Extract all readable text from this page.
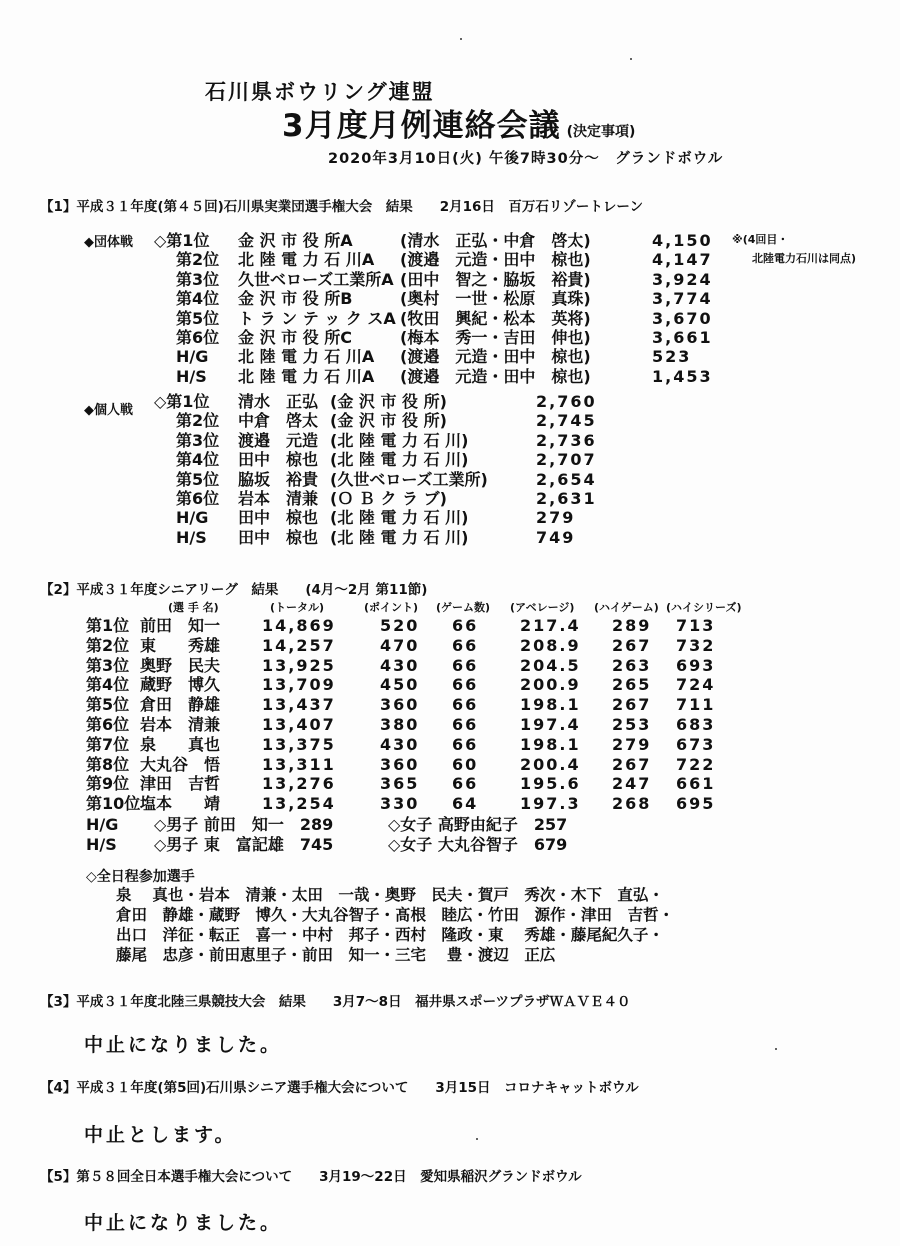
石川県ボウリング連盟
3月度月例連絡会議 (決定事項)
2020年3月10日(火) 午後7時30分～　グランドボウル
【1】平成３１年度(第４５回)石川県実業団選手権大会　結果　　2月16日　百万石リゾートレーン
◆団体戦 ◇第1位 金 沢 市 役 所A	(清水　正弘・中倉　啓太)	4,150
第2位 北 陸 電 力 石 川A (渡邉　元造・田中　椋也)	4,147
第3位 久世ベローズ工業所A (田中　智之・脇坂　裕貴)	3,924
第4位 金 沢 市 役 所B	(奥村　一世・松原　真珠)	3,774
第5位 ト ラ ン テ ッ ク スA (牧田　興紀・松本　英将)	3,670
第6位 金 沢 市 役 所C	(梅本　秀一・吉田　伸也)	3,661
H/G 北 陸 電 力 石 川A (渡邉　元造・田中　椋也)	523
H/S 北 陸 電 力 石 川A (渡邉　元造・田中　椋也)	1,453
※(4回目・
北陸電力石川は同点)
◆個人戦 ◇第1位 清水　正弘 (金 沢 市 役 所)	2,760
第2位 中倉　啓太 (金 沢 市 役 所)	2,745
第3位 渡邉　元造 (北 陸 電 力 石 川)	2,736
第4位 田中　椋也 (北 陸 電 力 石 川)	2,707
第5位 脇坂　裕貴 (久世ベローズ工業所)	2,654
第6位 岩本　清兼 (Ｏ Ｂ ク ラ ブ)	2,631
H/G 田中　椋也 (北 陸 電 力 石 川)	279
H/S 田中　椋也 (北 陸 電 力 石 川)	749
【2】平成３１年度シニアリーグ　結果　　(4月～2月 第11節)
(選 手 名)	(トータル)	(ポイント) (ゲーム数) (アベレージ) (ハイゲーム) (ハイシリーズ)
第1位 前田　知一	14,869	520 66	217.4 289 713
第2位 東　　秀雄	14,257	470 66	208.9 267 732
第3位 奥野　民夫	13,925	430 66	204.5 263 693
第4位 蔵野　博久	13,709	450 66	200.9 265 724
第5位 倉田　静雄	13,437	360 66	198.1 267 711
第6位 岩本　清兼	13,407	380 66	197.4 253 683
第7位 泉　　真也	13,375	430 66	198.1 279 673
第8位 大丸谷　悟	13,311	360 60	200.4 267 722
第9位 津田　吉哲	13,276	365 66	195.6 247 661
第10位 塩本　　靖	13,254	330 64	197.3 268 695
H/G ◇男子 前田　知一　289	◇女子 高野由紀子　257
H/S ◇男子 東　富記雄　745	◇女子 大丸谷智子　679
◇全日程参加選手
泉　 真也・岩本　清兼・太田　一哉・奥野　民夫・賀戸　秀次・木下　直弘・
倉田　静雄・蔵野　博久・大丸谷智子・髙根　睦広・竹田　源作・津田　吉哲・
出口　洋征・転正　喜一・中村　邦子・西村　隆政・東　 秀雄・藤尾紀久子・
藤尾　忠彦・前田恵里子・前田　知一・三宅　 豊・渡辺　正広
【3】平成３１年度北陸三県競技大会　結果　　3月7～8日　福井県スポーツプラザＷＡＶＥ４０
中止になりました。
【4】平成３１年度(第5回)石川県シニア選手権大会について　　3月15日　コロナキャットボウル
中止とします。
【5】第５８回全日本選手権大会について　　3月19～22日　愛知県稲沢グランドボウル
中止になりました。
